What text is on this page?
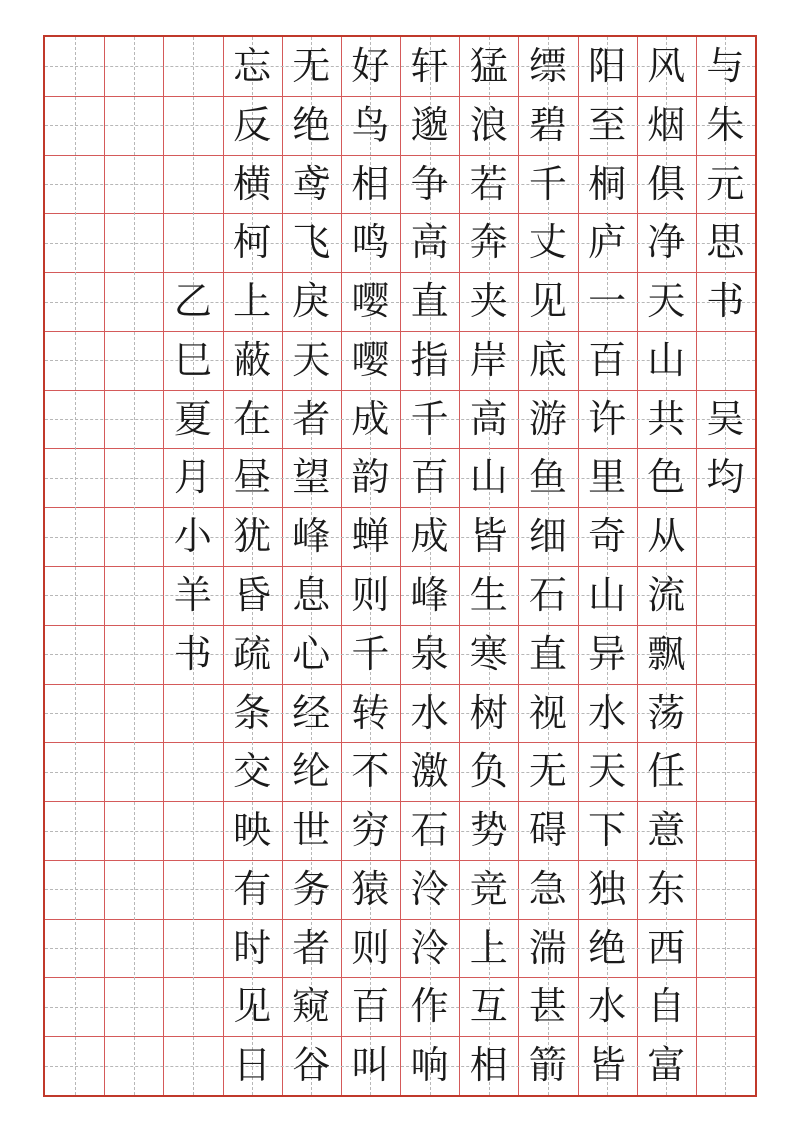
与
朱
元
思
书
吴
均
风
烟
俱
净
天
山
共
色
从
流
飘
荡
任
意
东
西
自
富
阳
至
桐
庐
一
百
许
里
奇
山
异
水
天
下
独
绝
水
皆
缥
碧
千
丈
见
底
游
鱼
细
石
直
视
无
碍
急
湍
甚
箭
猛
浪
若
奔
夹
岸
高
山
皆
生
寒
树
负
势
竞
上
互
相
轩
邈
争
高
直
指
千
百
成
峰
泉
水
激
石
泠
泠
作
响
好
鸟
相
鸣
嘤
嘤
成
韵
蝉
则
千
转
不
穷
猿
则
百
叫
无
绝
鸢
飞
戾
天
者
望
峰
息
心
经
纶
世
务
者
窥
谷
忘
反
横
柯
上
蔽
在
昼
犹
昏
疏
条
交
映
有
时
见
日
乙
巳
夏
月
小
羊
书
